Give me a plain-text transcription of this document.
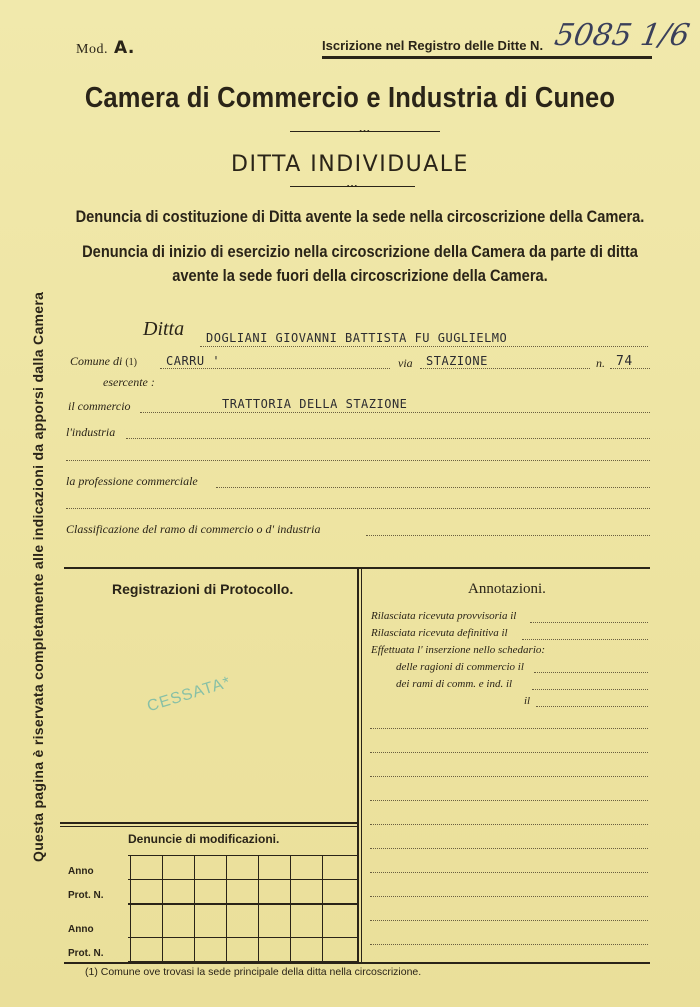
Mod. A.	Iscrizione nel Registro delle Ditte N. 5085 1/6
Camera di Commercio e Industria di Cuneo
•••
DITTA INDIVIDUALE
•••
Denuncia di costituzione di Ditta avente la sede nella circoscrizione della Camera.
Denuncia di inizio di esercizio nella circoscrizione della Camera da parte di ditta
avente la sede fuori della circoscrizione della Camera.
Questa pagina è riservata completamente alle indicazioni da apporsi dalla Camera	Ditta DOGLIANI GIOVANNI BATTISTA FU GUGLIELMO
Comune di (1) CARRU '	via STAZIONE	n. 74
esercente :
il commercio	TRATTORIA DELLA STAZIONE
l'industria
la professione commerciale
Classificazione del ramo di commercio o d' industria
Registrazioni di Protocollo.
CESSATA*
Annotazioni.
Rilasciata ricevuta provvisoria il
Rilasciata ricevuta definitiva il
Effettuata l' inserzione nello schedario:
delle ragioni di commercio il
dei rami di comm. e ind. il
il
Denuncie di modificazioni.
Anno
Prot. N.
Anno
Prot. N.
(1) Comune ove trovasi la sede principale della ditta nella circoscrizione.
